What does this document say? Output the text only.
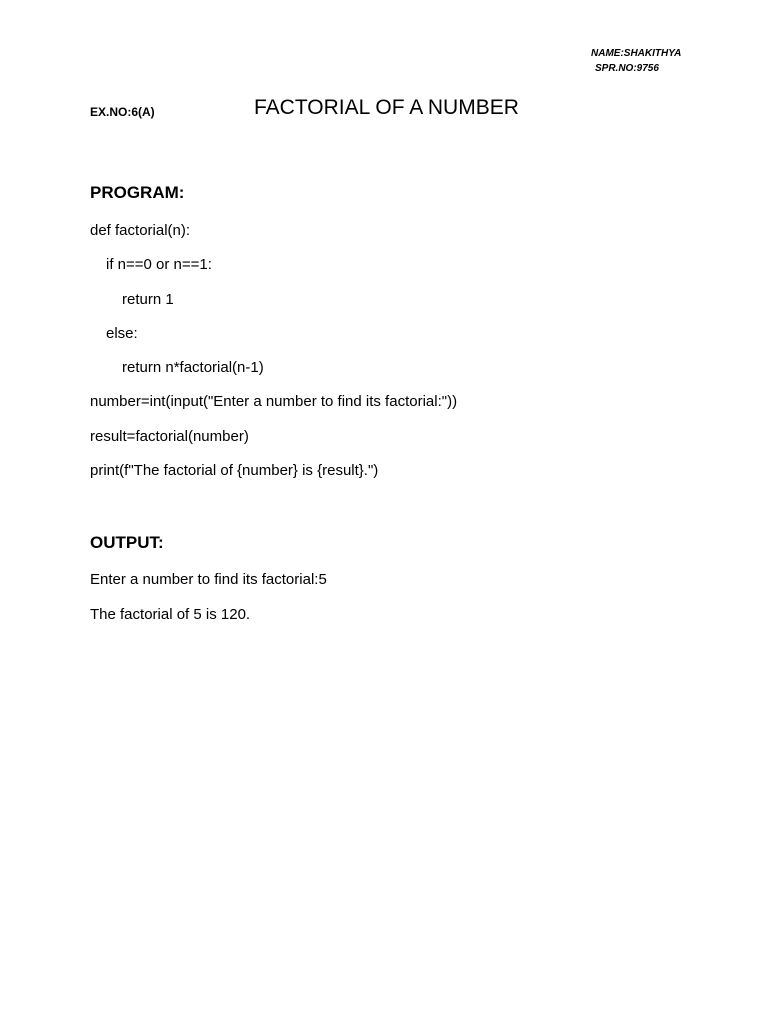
NAME:SHAKITHYA
SPR.NO:9756
EX.NO:6(A)	FACTORIAL OF A NUMBER
PROGRAM:
def factorial(n):
if n==0 or n==1:
return 1
else:
return n*factorial(n-1)
number=int(input("Enter a number to find its factorial:"))
result=factorial(number)
print(f"The factorial of {number} is {result}.")
OUTPUT:
Enter a number to find its factorial:5
The factorial of 5 is 120.
